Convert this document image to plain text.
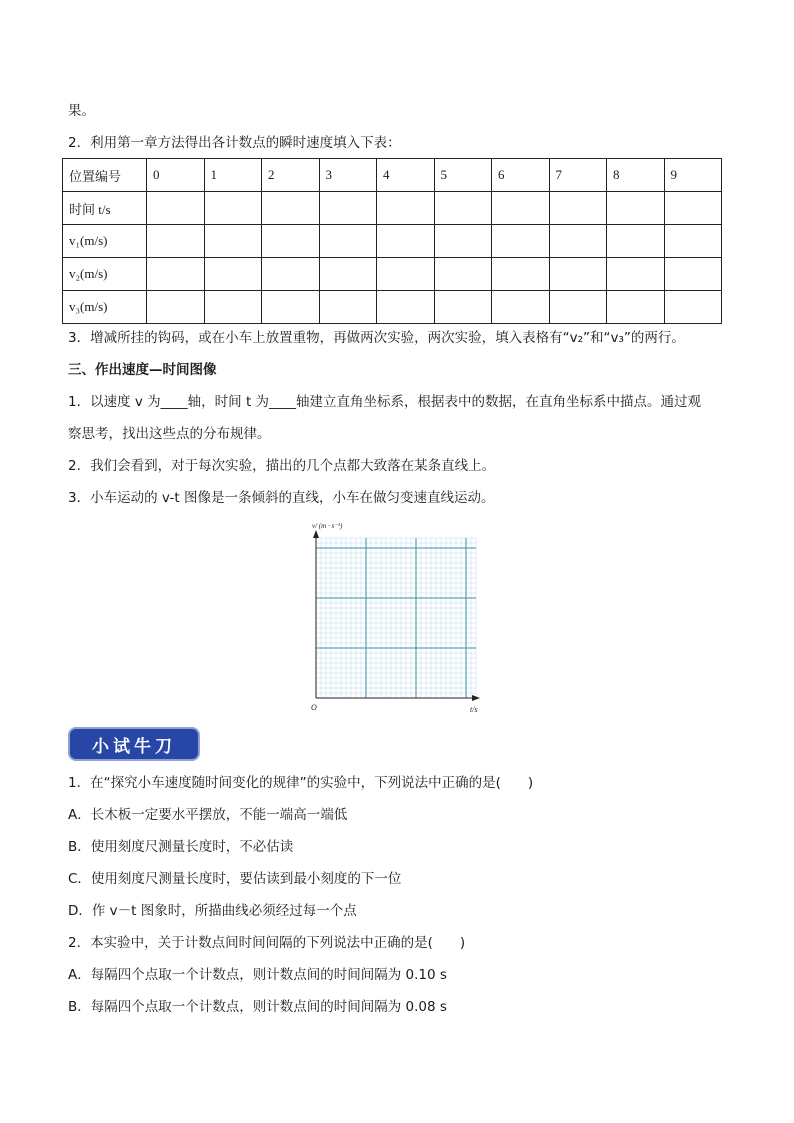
果。
2．利用第一章方法得出各计数点的瞬时速度填入下表：
位置编号	0	1	2	3	4	5	6	7	8	9
时间 t/s										
v₁(m/s)										
v₂(m/s)										
v₃(m/s)										
3．增减所挂的钩码，或在小车上放置重物，再做两次实验，两次实验，填入表格有“v₂”和“v₃”的两行。
三、作出速度—时间图像
1．以速度 v 为____轴，时间 t 为____轴建立直角坐标系，根据表中的数据，在直角坐标系中描点。通过观
察思考，找出这些点的分布规律。
2．我们会看到，对于每次实验，描出的几个点都大致落在某条直线上。
3．小车运动的 v-t 图像是一条倾斜的直线，小车在做匀变速直线运动。
v/ (m · s⁻¹)
t/s
O
小试牛刀
1．在“探究小车速度随时间变化的规律”的实验中，下列说法中正确的是(　　)
A．长木板一定要水平摆放，不能一端高一端低
B．使用刻度尺测量长度时，不必估读
C．使用刻度尺测量长度时，要估读到最小刻度的下一位
D．作 v－t 图象时，所描曲线必须经过每一个点
2．本实验中，关于计数点间时间间隔的下列说法中正确的是(　　)
A．每隔四个点取一个计数点，则计数点间的时间间隔为 0.10 s
B．每隔四个点取一个计数点，则计数点间的时间间隔为 0.08 s
